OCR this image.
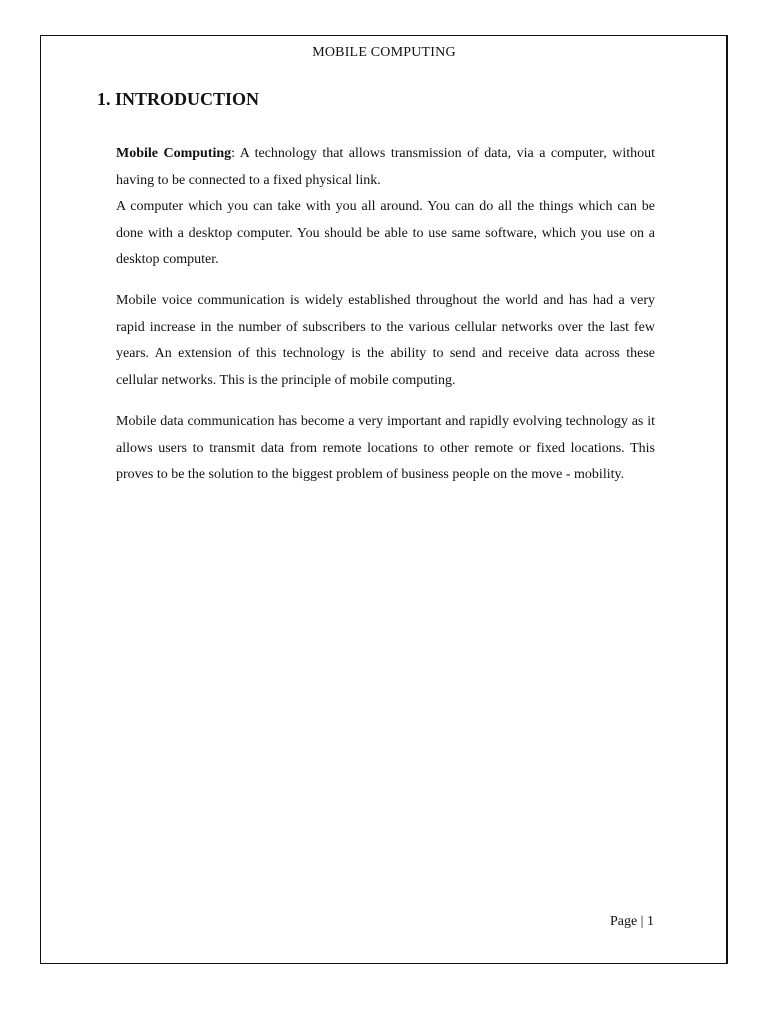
MOBILE COMPUTING
1. INTRODUCTION

Mobile Computing: A technology that allows transmission of data, via a computer, without having to be connected to a fixed physical link.

A computer which you can take with you all around. You can do all the things which can be done with a desktop computer. You should be able to use same software, which you use on a desktop computer.

Mobile voice communication is widely established throughout the world and has had a very rapid increase in the number of subscribers to the various cellular networks over the last few years. An extension of this technology is the ability to send and receive data across these cellular networks. This is the principle of mobile computing.

Mobile data communication has become a very important and rapidly evolving technology as it allows users to transmit data from remote locations to other remote or fixed locations. This proves to be the solution to the biggest problem of business people on the move - mobility.

Page | 1
